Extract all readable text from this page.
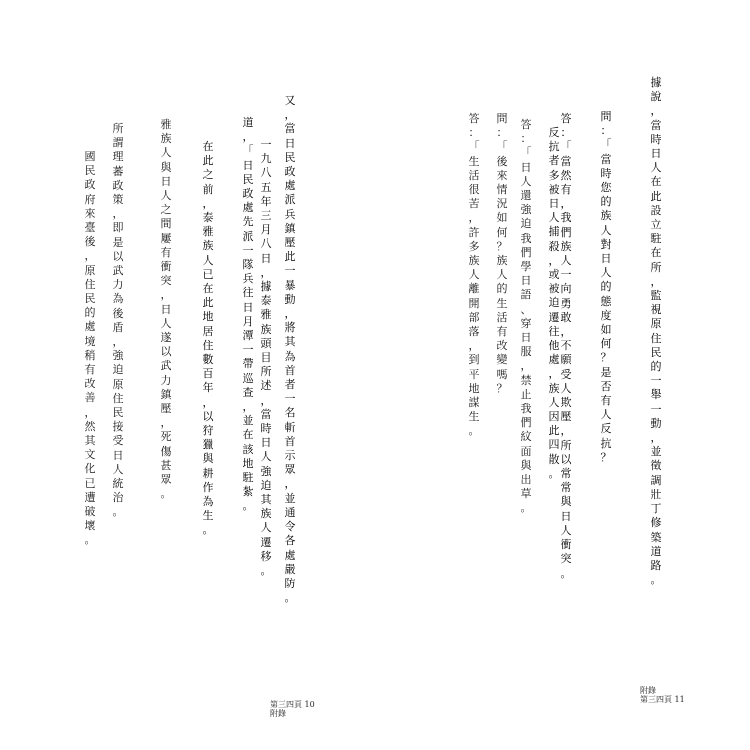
又
，
當
日
民
政
處
派
兵
鎮
壓
此
一
暴
動
，
將
其
為
首
者
一
名
斬
首
示
眾
，
並
通
令
各
處
嚴
防
。
道
，
「
日
民
政
處
先
派
一
隊
兵
往
日
月
潭
一
帶
巡
查
，
並
在
該
地
駐
紮
。
一
九
八
五
年
三
月
八
日
，
據
泰
雅
族
頭
目
所
述
，
當
時
日
人
強
迫
其
族
人
遷
移
。
在
此
之
前
，
泰
雅
族
人
已
在
此
地
居
住
數
百
年
，
以
狩
獵
與
耕
作
為
生
。
雅
族
人
與
日
人
之
間
屢
有
衝
突
，
日
人
遂
以
武
力
鎮
壓
，
死
傷
甚
眾
。
所
謂
理
蕃
政
策
，
即
是
以
武
力
為
後
盾
，
強
迫
原
住
民
接
受
日
人
統
治
。
國
民
政
府
來
臺
後
，
原
住
民
的
處
境
稍
有
改
善
，
然
其
文
化
已
遭
破
壞
。
第三四頁 10
附錄
據
說
，
當
時
日
人
在
此
設
立
駐
在
所
，
監
視
原
住
民
的
一
舉
一
動
，
並
徵
調
壯
丁
修
築
道
路
。
問
：
「
當
時
您
的
族
人
對
日
人
的
態
度
如
何
？
是
否
有
人
反
抗
？
答
：
「
當
然
有
，
我
們
族
人
一
向
勇
敢
，
不
願
受
人
欺
壓
，
所
以
常
常
與
日
人
衝
突
。
反
抗
者
多
被
日
人
捕
殺
，
或
被
迫
遷
往
他
處
，
族
人
因
此
四
散
。
答
：
「
日
人
還
強
迫
我
們
學
日
語
、
穿
日
服
，
禁
止
我
們
紋
面
與
出
草
。
問
：
「
後
來
情
況
如
何
？
族
人
的
生
活
有
改
變
嗎
？
答
：
「
生
活
很
苦
，
許
多
族
人
離
開
部
落
，
到
平
地
謀
生
。
附錄
第三四頁 11
